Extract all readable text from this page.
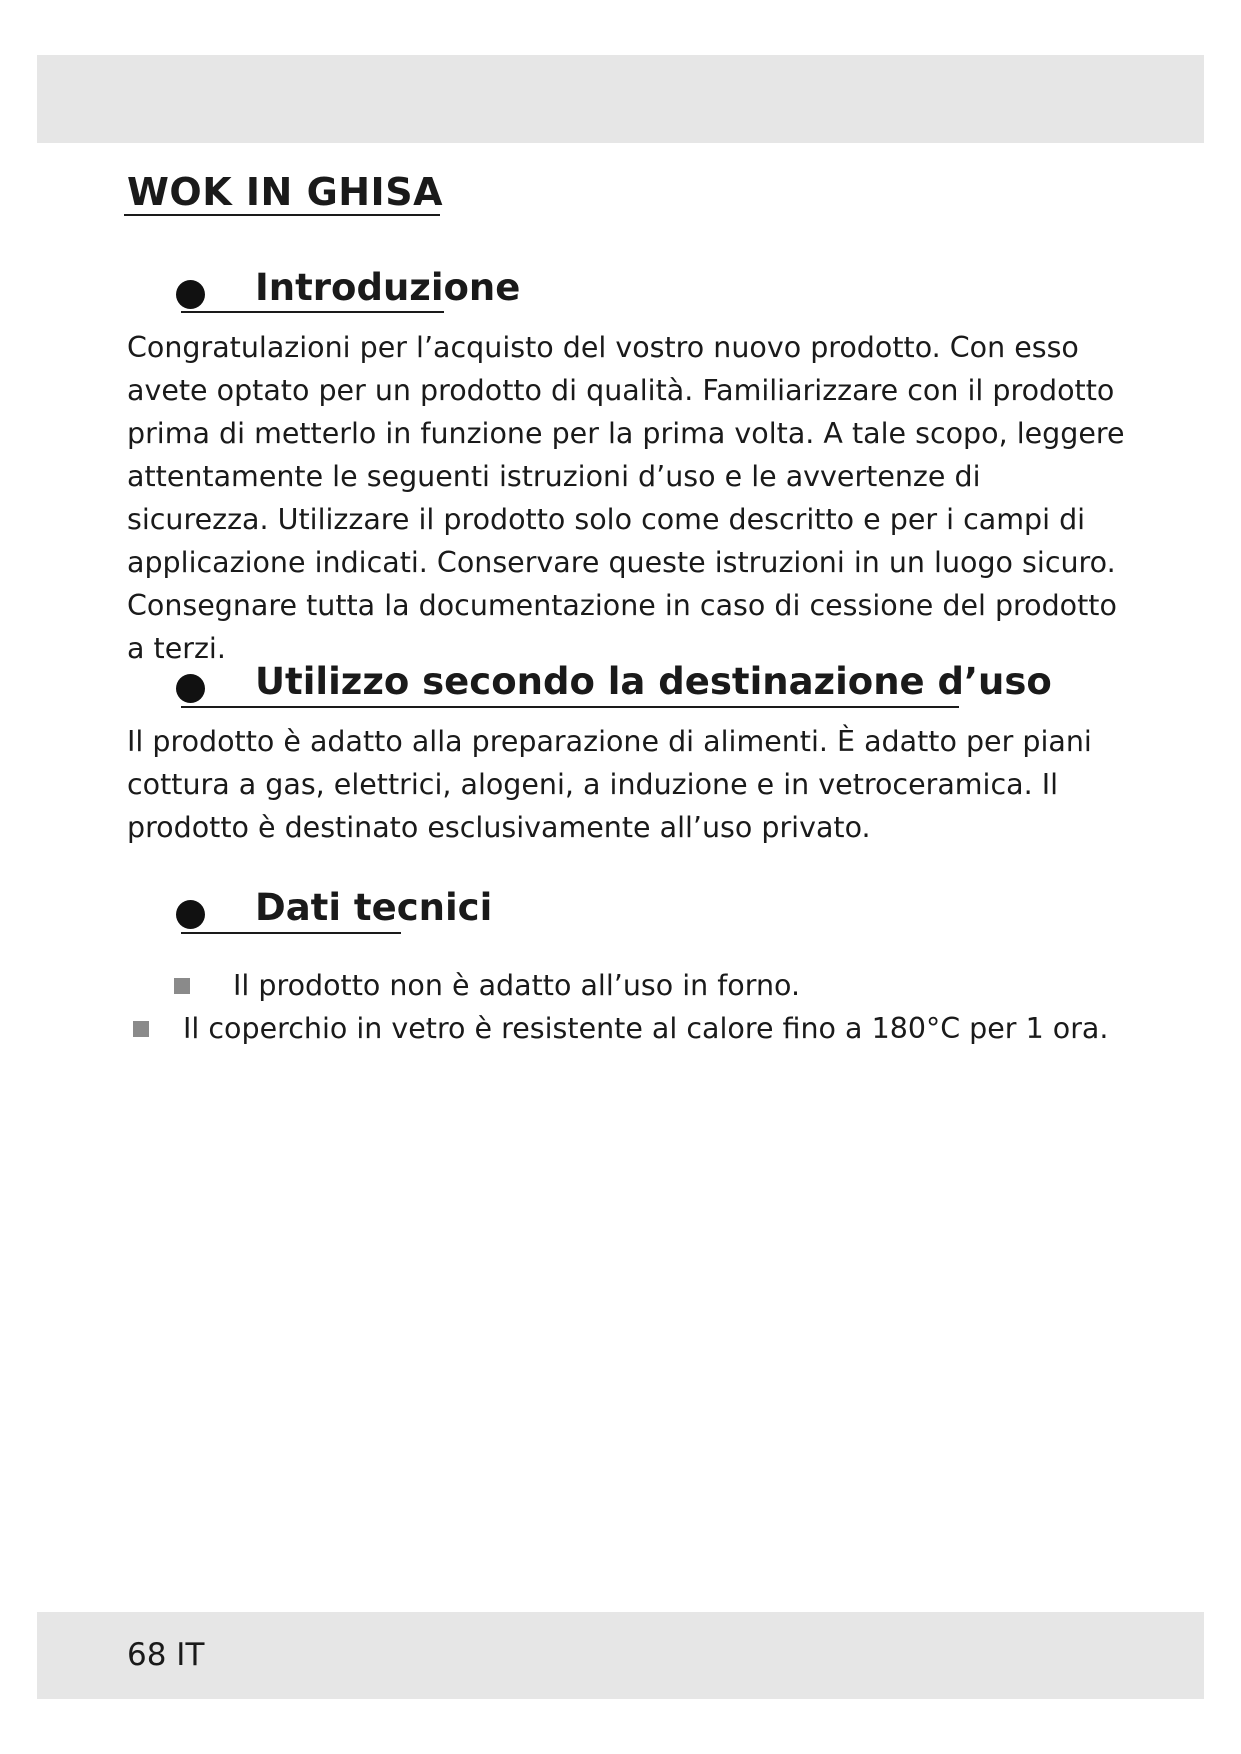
WOK IN GHISA
Introduzione

Congratulazioni per l’acquisto del vostro nuovo prodotto. Con esso avete optato per un prodotto di qualità. Familiarizzare con il prodotto prima di metterlo in funzione per la prima volta. A tale scopo, leggere attentamente le seguenti istruzioni d’uso e le avvertenze di sicurezza. Utilizzare il prodotto solo come descritto e per i campi di applicazione indicati. Conservare queste istruzioni in un luogo sicuro. Consegnare tutta la documentazione in caso di cessione del prodotto a terzi.

Utilizzo secondo la destinazione d’uso

Il prodotto è adatto alla preparazione di alimenti. È adatto per piani cottura a gas, elettrici, alogeni, a induzione e in vetroceramica. Il prodotto è destinato esclusivamente all’uso privato.

Dati tecnici
Il prodotto non è adatto all’uso in forno.
Il coperchio in vetro è resistente al calore fino a 180°C per 1 ora.
68 IT
